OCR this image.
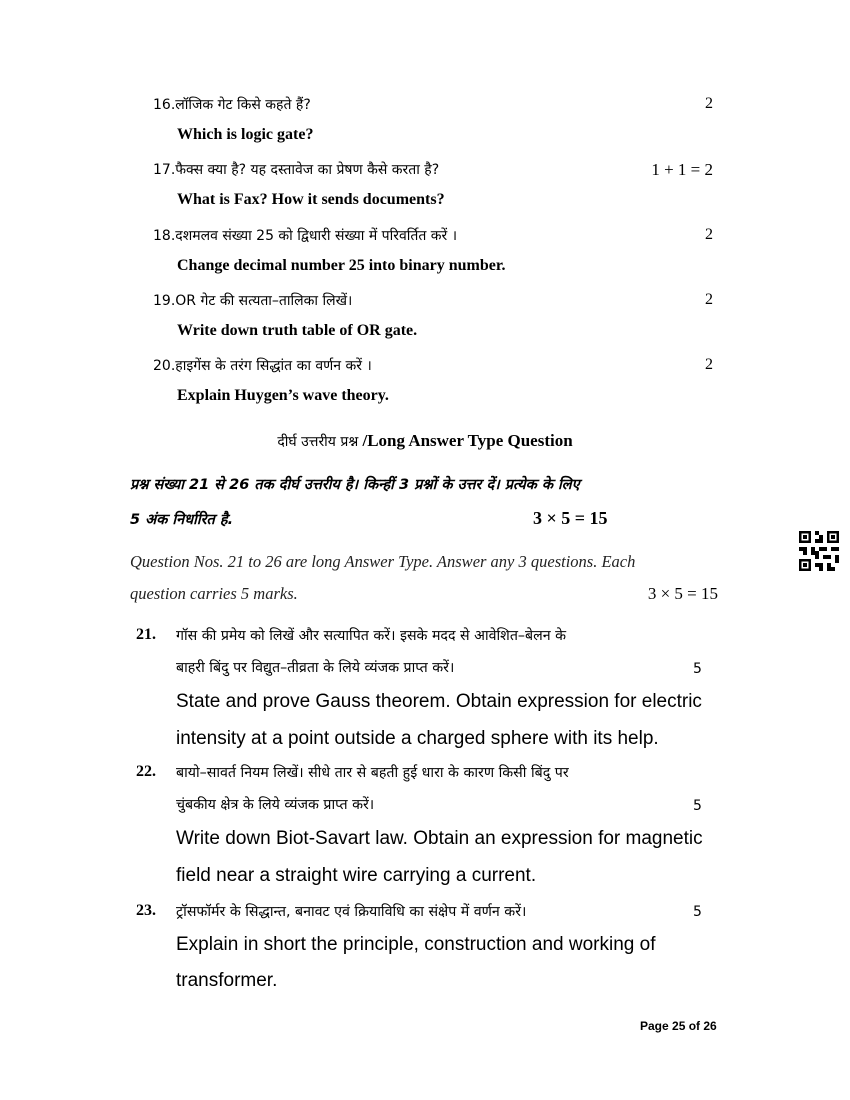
16.लॉजिक गेट किसे कहते हैं?	2
Which is logic gate?
17.फैक्स क्या है? यह दस्तावेज का प्रेषण कैसे करता है?	1 + 1 = 2
What is Fax? How it sends documents?
18.दशमलव संख्या 25 को द्विधारी संख्या में परिवर्तित करें ।	2
Change decimal number 25 into binary number.
19.OR गेट की सत्यता–तालिका लिखें।	2
Write down truth table of OR gate.
20.हाइगेंस के तरंग सिद्धांत का वर्णन करें ।	2
Explain Huygen’s wave theory.
दीर्घ उत्तरीय प्रश्न /Long Answer Type Question
प्रश्न संख्या 21 से 26 तक दीर्घ उत्तरीय है। किन्हीं 3 प्रश्नों के उत्तर दें। प्रत्येक के लिए
5 अंक निर्धारित है.	3 × 5 = 15
Question Nos. 21 to 26 are long Answer Type. Answer any 3 questions. Each
question carries 5 marks.	3 × 5 = 15
21. गॉस की प्रमेय को लिखें और सत्यापित करें। इसके मदद से आवेशित–बेलन के
बाहरी बिंदु पर विद्युत–तीव्रता के लिये व्यंजक प्राप्त करें।	5
State and prove Gauss theorem. Obtain expression for electric
intensity at a point outside a charged sphere with its help.
22. बायो–सावर्त नियम लिखें। सीधे तार से बहती हुई धारा के कारण किसी बिंदु पर
चुंबकीय क्षेत्र के लिये व्यंजक प्राप्त करें।	5
Write down Biot-Savart law. Obtain an expression for magnetic
field near a straight wire carrying a current.
23. ट्रॉसफॉर्मर के सिद्धान्त, बनावट एवं क्रियाविधि का संक्षेप में वर्णन करें।	5
Explain in short the principle, construction and working of
transformer.
Page 25 of 26
